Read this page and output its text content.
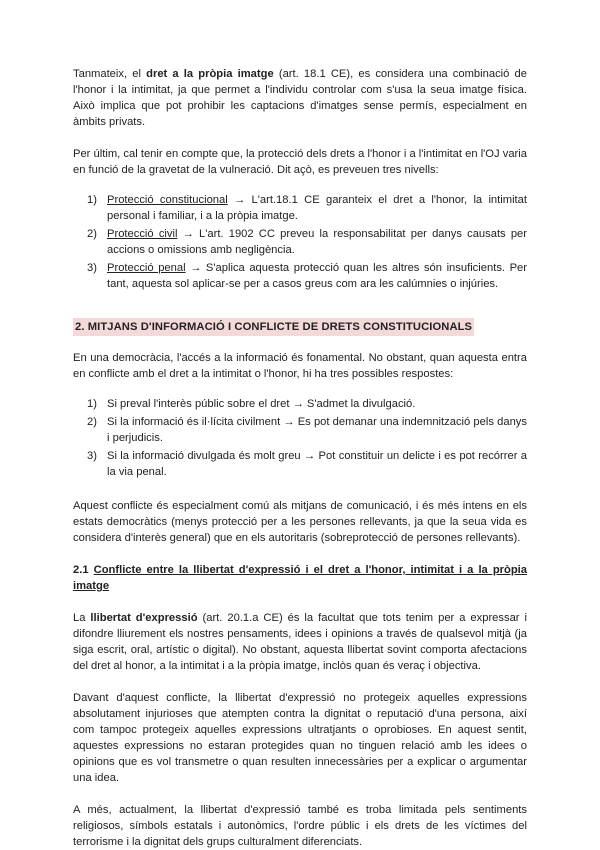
Tanmateix, el dret a la pròpia imatge (art. 18.1 CE), es considera una combinació de l'honor i la intimitat, ja que permet a l'individu controlar com s'usa la seua imatge física. Això implica que pot prohibir les captacions d'imatges sense permís, especialment en àmbits privats.

Per últim, cal tenir en compte que, la protecció dels drets a l'honor i a l'intimitat en l'OJ varia en funció de la gravetat de la vulneració. Dit açò, es preveuen tres nivells:

1) Protecció constitucional → L'art.18.1 CE garanteix el dret a l'honor, la intimitat personal i familiar, i a la pròpia imatge.
2) Protecció civil → L'art. 1902 CC preveu la responsabilitat per danys causats per accions o omissions amb negligència.
3) Protecció penal → S'aplica aquesta protecció quan les altres són insuficients. Per tant, aquesta sol aplicar-se per a casos greus com ara les calúmnies o injúries.
2. MITJANS D'INFORMACIÓ I CONFLICTE DE DRETS CONSTITUCIONALS

En una democràcia, l'accés a la informació és fonamental. No obstant, quan aquesta entra en conflicte amb el dret a la intimitat o l'honor, hi ha tres possibles respostes:

1) Si preval l'interès públic sobre el dret → S'admet la divulgació.
2) Si la informació és il·lícita civilment → Es pot demanar una indemnització pels danys i perjudicis.
3) Si la informació divulgada és molt greu → Pot constituir un delicte i es pot recórrer a la via penal.

Aquest conflicte és especialment comú als mitjans de comunicació, i és més intens en els estats democràtics (menys protecció per a les persones rellevants, ja que la seua vida es considera d'interès general) que en els autoritaris (sobreprotecció de persones rellevants).

2.1 Conflicte entre la llibertat d'expressió i el dret a l'honor, intimitat i a la pròpia imatge

La llibertat d'expressió (art. 20.1.a CE) és la facultat que tots tenim per a expressar i difondre lliurement els nostres pensaments, idees i opinions a través de qualsevol mitjà (ja siga escrit, oral, artístic o digital). No obstant, aquesta llibertat sovint comporta afectacions del dret al honor, a la intimitat i a la pròpia imatge, inclòs quan és veraç i objectiva.

Davant d'aquest conflicte, la llibertat d'expressió no protegeix aquelles expressions absolutament injurioses que atempten contra la dignitat o reputació d'una persona, així com tampoc protegeix aquelles expressions ultratjants o oprobioses. En aquest sentit, aquestes expressions no estaran protegides quan no tinguen relació amb les idees o opinions que es vol transmetre o quan resulten innecessàries per a explicar o argumentar una idea.

A més, actualment, la llibertat d'expressió també es troba limitada pels sentiments religiosos, símbols estatals i autonòmics, l'ordre públic i els drets de les víctimes del terrorisme i la dignitat dels grups culturalment diferenciats.
